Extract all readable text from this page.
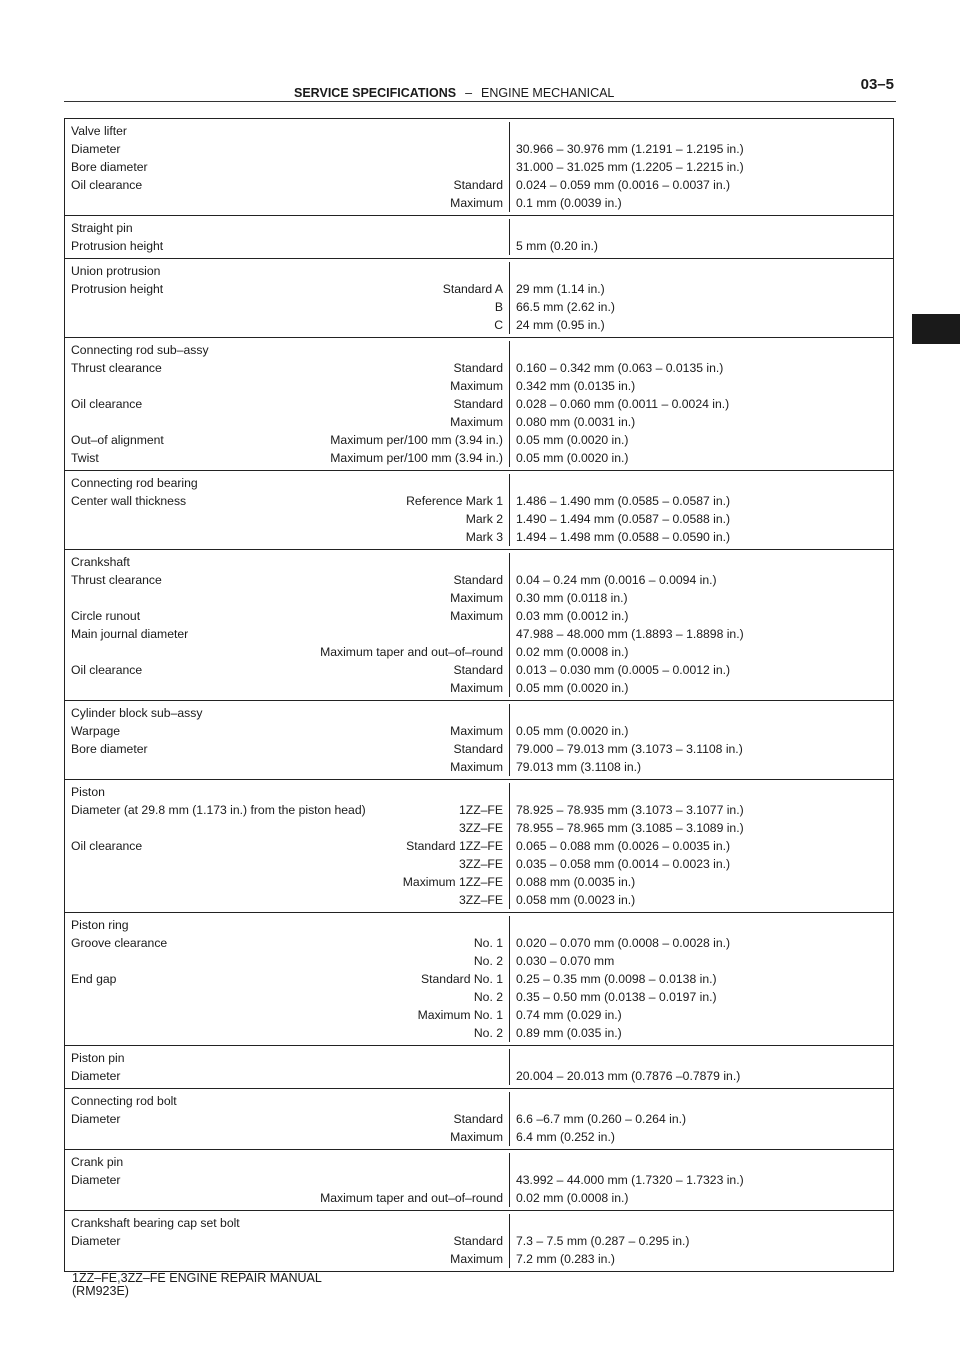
SERVICE SPECIFICATIONS – ENGINE MECHANICAL	03–5
Valve lifter
Diameter	30.966 – 30.976 mm (1.2191 – 1.2195 in.)
Bore diameter	31.000 – 31.025 mm (1.2205 – 1.2215 in.)
Oil clearance	Standard	0.024 – 0.059 mm (0.0016 – 0.0037 in.)
Maximum	0.1 mm (0.0039 in.)
Straight pin
Protrusion height	5 mm (0.20 in.)
Union protrusion
Protrusion height	Standard A	29 mm (1.14 in.)
B	66.5 mm (2.62 in.)
C	24 mm (0.95 in.)
Connecting rod sub–assy
Thrust clearance	Standard	0.160 – 0.342 mm (0.063 – 0.0135 in.)
Maximum	0.342 mm (0.0135 in.)
Oil clearance	Standard	0.028 – 0.060 mm (0.0011 – 0.0024 in.)
Maximum	0.080 mm (0.0031 in.)
Out–of alignment	Maximum per/100 mm (3.94 in.)	0.05 mm (0.0020 in.)
Twist	Maximum per/100 mm (3.94 in.)	0.05 mm (0.0020 in.)
Connecting rod bearing
Center wall thickness	Reference Mark 1	1.486 – 1.490 mm (0.0585 – 0.0587 in.)
Mark 2	1.490 – 1.494 mm (0.0587 – 0.0588 in.)
Mark 3	1.494 – 1.498 mm (0.0588 – 0.0590 in.)
Crankshaft
Thrust clearance	Standard	0.04 – 0.24 mm (0.0016 – 0.0094 in.)
Maximum	0.30 mm (0.0118 in.)
Circle runout	Maximum	0.03 mm (0.0012 in.)
Main journal diameter	47.988 – 48.000 mm (1.8893 – 1.8898 in.)
Maximum taper and out–of–round	0.02 mm (0.0008 in.)
Oil clearance	Standard	0.013 – 0.030 mm (0.0005 – 0.0012 in.)
Maximum	0.05 mm (0.0020 in.)
Cylinder block sub–assy
Warpage	Maximum	0.05 mm (0.0020 in.)
Bore diameter	Standard	79.000 – 79.013 mm (3.1073 – 3.1108 in.)
Maximum	79.013 mm (3.1108 in.)
Piston
Diameter (at 29.8 mm (1.173 in.) from the piston head)	1ZZ–FE	78.925 – 78.935 mm (3.1073 – 3.1077 in.)
3ZZ–FE	78.955 – 78.965 mm (3.1085 – 3.1089 in.)
Oil clearance	Standard 1ZZ–FE	0.065 – 0.088 mm (0.0026 – 0.0035 in.)
3ZZ–FE	0.035 – 0.058 mm (0.0014 – 0.0023 in.)
Maximum 1ZZ–FE	0.088 mm (0.0035 in.)
3ZZ–FE	0.058 mm (0.0023 in.)
Piston ring
Groove clearance	No. 1	0.020 – 0.070 mm (0.0008 – 0.0028 in.)
No. 2	0.030 – 0.070 mm
End gap	Standard No. 1	0.25 – 0.35 mm (0.0098 – 0.0138 in.)
No. 2	0.35 – 0.50 mm (0.0138 – 0.0197 in.)
Maximum No. 1	0.74 mm (0.029 in.)
No. 2	0.89 mm (0.035 in.)
Piston pin
Diameter	20.004 – 20.013 mm (0.7876 –0.7879 in.)
Connecting rod bolt
Diameter	Standard	6.6 –6.7 mm (0.260 – 0.264 in.)
Maximum	6.4 mm (0.252 in.)
Crank pin
Diameter	43.992 – 44.000 mm (1.7320 – 1.7323 in.)
Maximum taper and out–of–round	0.02 mm (0.0008 in.)
Crankshaft bearing cap set bolt
Diameter	Standard	7.3 – 7.5 mm (0.287 – 0.295 in.)
Maximum	7.2 mm (0.283 in.)
1ZZ–FE,3ZZ–FE ENGINE REPAIR MANUAL
(RM923E)
